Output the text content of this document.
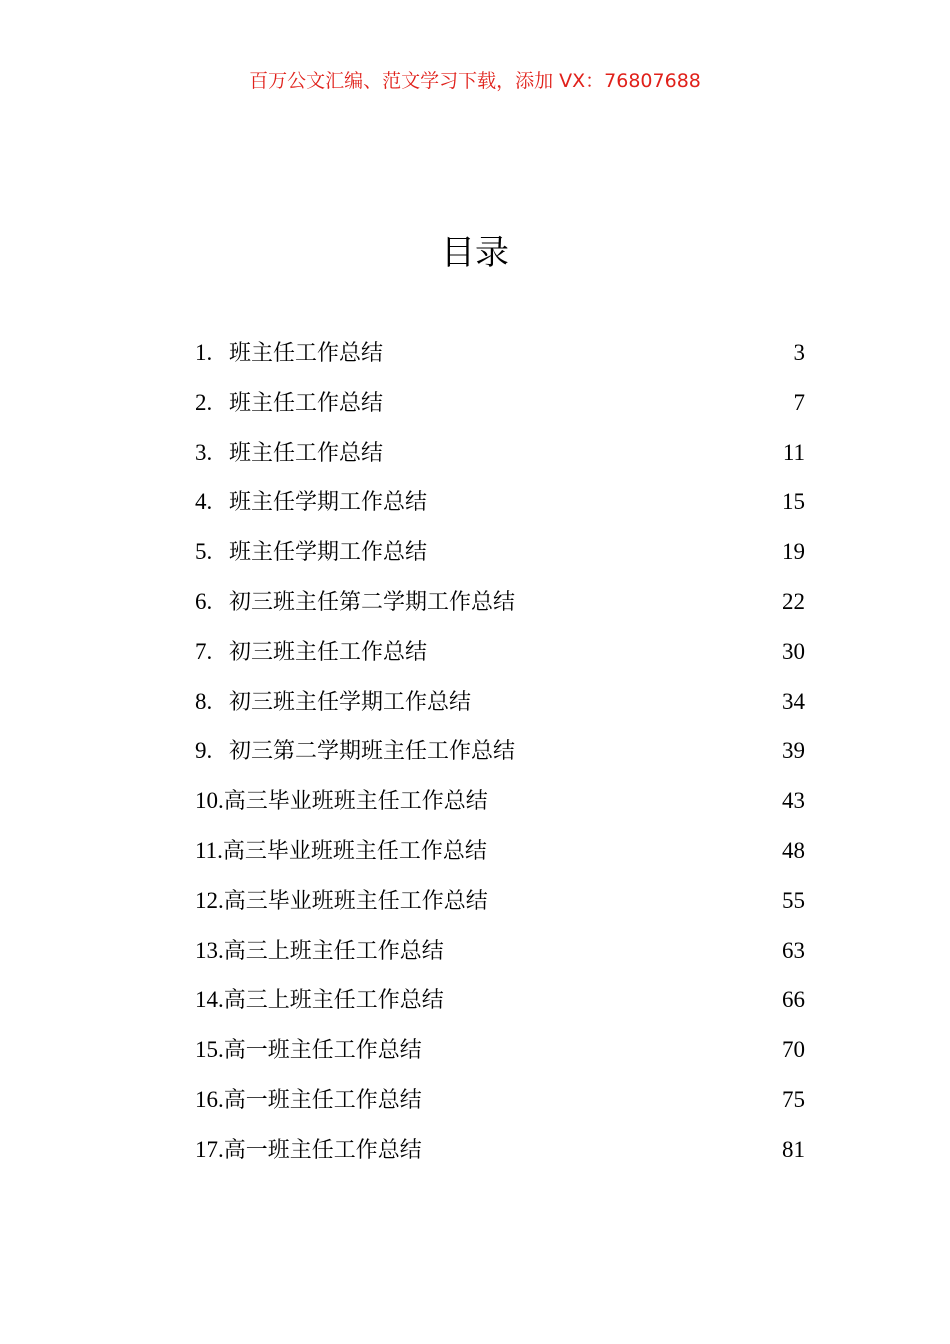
百万公文汇编、范文学习下载，添加 VX：76807688
目录
1. 班主任工作总结	3
2. 班主任工作总结	7
3. 班主任工作总结	11
4. 班主任学期工作总结	15
5. 班主任学期工作总结	19
6. 初三班主任第二学期工作总结	22
7. 初三班主任工作总结	30
8. 初三班主任学期工作总结	34
9. 初三第二学期班主任工作总结	39
10. 高三毕业班班主任工作总结	43
11. 高三毕业班班主任工作总结	48
12. 高三毕业班班主任工作总结	55
13. 高三上班主任工作总结	63
14. 高三上班主任工作总结	66
15. 高一班主任工作总结	70
16. 高一班主任工作总结	75
17. 高一班主任工作总结	81
